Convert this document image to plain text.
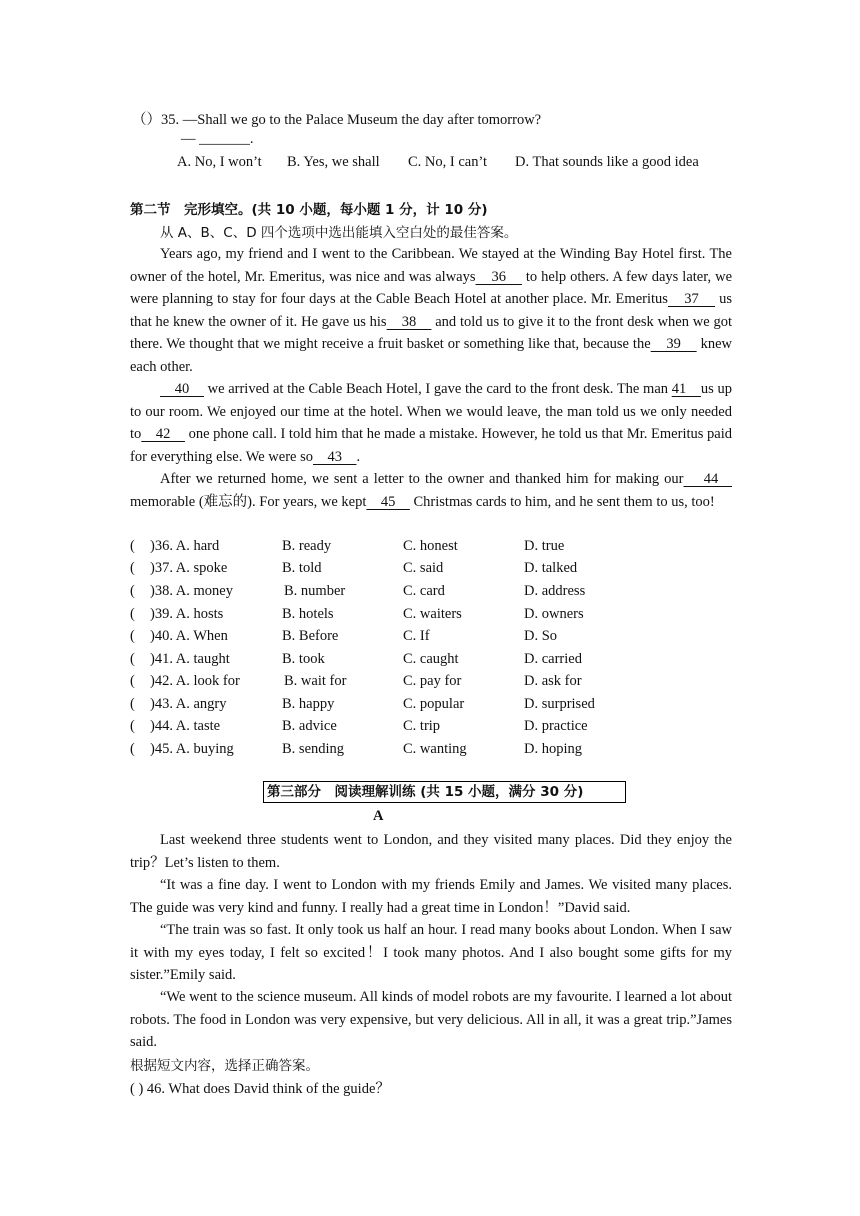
（）35. —Shall we go to the Palace Museum the day after tomorrow?
— _______.
A. No, I won’t B. Yes, we shall C. No, I can’t D. That sounds like a good idea
第二节　完形填空。(共 10 小题，每小题 1 分，计 10 分)
从 A、B、C、D 四个选项中选出能填入空白处的最佳答案。
Years ago, my friend and I went to the Caribbean. We stayed at the Winding Bay Hotel first. The owner of the hotel, Mr. Emeritus, was nice and was always    36     to help others. A few days later, we were planning to stay for four days at the Cable Beach Hotel at another place. Mr. Emeritus    37     us that he knew the owner of it. He gave us his    38     and told us to give it to the front desk when we got there. We thought that we might receive a fruit basket or something like that, because the    39     knew each other.
40     we arrived at the Cable Beach Hotel, I gave the card to the front desk. The man 41    us up to our room. We enjoyed our time at the hotel. When we would leave, the man told us we only needed to    42     one phone call. I told him that he made a mistake. However, he told us that Mr. Emeritus paid for everything else. We were so    43    .
After we returned home, we sent a letter to the owner and thanked him for making our    44    memorable (难忘的). For years, we kept    45     Christmas cards to him, and he sent them to us, too!
( )36. A. hard	B. ready	C. honest	D. true
( )37. A. spoke	B. told	C. said	D. talked
( )38. A. money	B. number	C. card	D. address
( )39. A. hosts	B. hotels	C. waiters	D. owners
( )40. A. When	B. Before	C. If	D. So
( )41. A. taught	B. took	C. caught	D. carried
( )42. A. look for	B. wait for	C. pay for	D. ask for
( )43. A. angry	B. happy	C. popular	D. surprised
( )44. A. taste	B. advice	C. trip	D. practice
( )45. A. buying	B. sending	C. wanting	D. hoping
第三部分　阅读理解训练 (共 15 小题，满分 30 分)
A
Last weekend three students went to London, and they visited many places. Did they enjoy the trip？Let’s listen to them.
“It was a fine day. I went to London with my friends Emily and James. We visited many places. The guide was very kind and funny. I really had a great time in London！”David said.
“The train was so fast. It only took us half an hour. I read many books about London. When I saw it with my eyes today, I felt so excited！I took many photos. And I also bought some gifts for my sister.”Emily said.
“We went to the science museum. All kinds of model robots are my favourite. I learned a lot about robots. The food in London was very expensive, but very delicious. All in all, it was a great trip.”James said.
根据短文内容，选择正确答案。
( ) 46. What does David think of the guide？
